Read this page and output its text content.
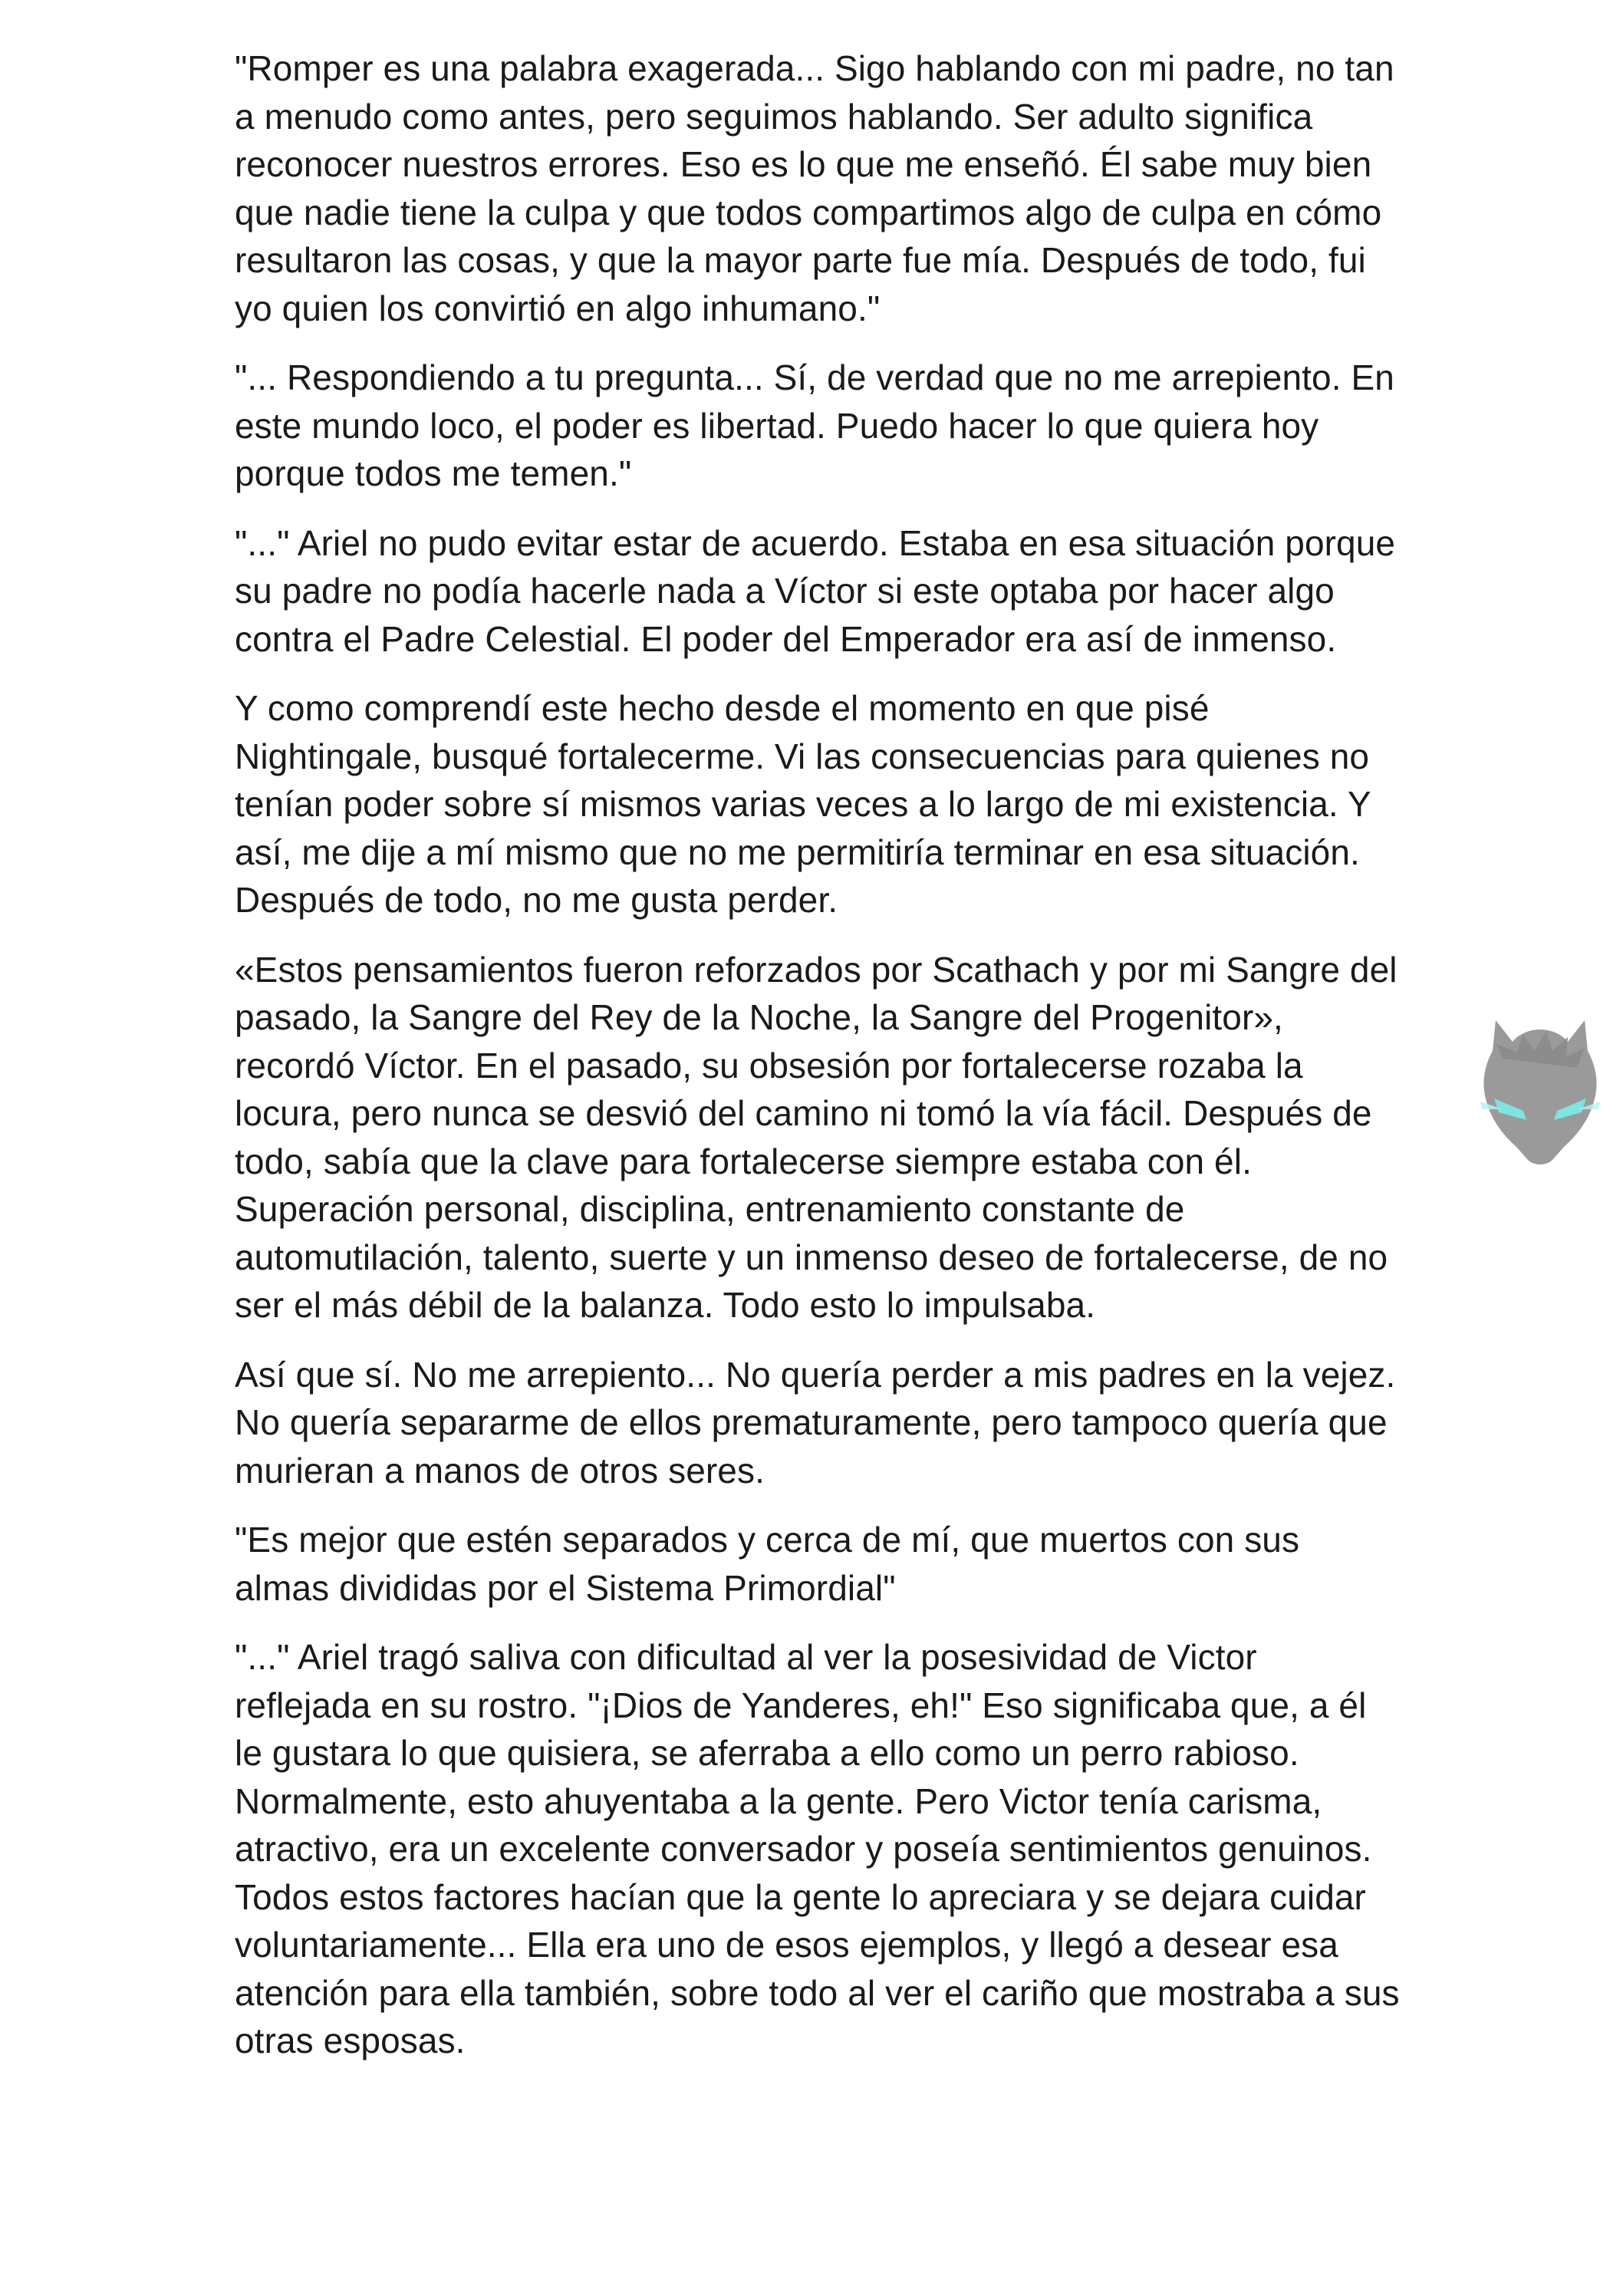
"Romper es una palabra exagerada... Sigo hablando con mi padre, no tan a menudo como antes, pero seguimos hablando. Ser adulto significa reconocer nuestros errores. Eso es lo que me enseñó. Él sabe muy bien que nadie tiene la culpa y que todos compartimos algo de culpa en cómo resultaron las cosas, y que la mayor parte fue mía. Después de todo, fui yo quien los convirtió en algo inhumano."

"... Respondiendo a tu pregunta... Sí, de verdad que no me arrepiento. En este mundo loco, el poder es libertad. Puedo hacer lo que quiera hoy porque todos me temen."

"..." Ariel no pudo evitar estar de acuerdo. Estaba en esa situación porque su padre no podía hacerle nada a Víctor si este optaba por hacer algo contra el Padre Celestial. El poder del Emperador era así de inmenso.

Y como comprendí este hecho desde el momento en que pisé Nightingale, busqué fortalecerme. Vi las consecuencias para quienes no tenían poder sobre sí mismos varias veces a lo largo de mi existencia. Y así, me dije a mí mismo que no me permitiría terminar en esa situación. Después de todo, no me gusta perder.

«Estos pensamientos fueron reforzados por Scathach y por mi Sangre del pasado, la Sangre del Rey de la Noche, la Sangre del Progenitor», recordó Víctor. En el pasado, su obsesión por fortalecerse rozaba la locura, pero nunca se desvió del camino ni tomó la vía fácil. Después de todo, sabía que la clave para fortalecerse siempre estaba con él. Superación personal, disciplina, entrenamiento constante de automutilación, talento, suerte y un inmenso deseo de fortalecerse, de no ser el más débil de la balanza. Todo esto lo impulsaba.

Así que sí. No me arrepiento... No quería perder a mis padres en la vejez. No quería separarme de ellos prematuramente, pero tampoco quería que murieran a manos de otros seres.

"Es mejor que estén separados y cerca de mí, que muertos con sus almas divididas por el Sistema Primordial"

"..." Ariel tragó saliva con dificultad al ver la posesividad de Victor reflejada en su rostro. "¡Dios de Yanderes, eh!" Eso significaba que, a él le gustara lo que quisiera, se aferraba a ello como un perro rabioso. Normalmente, esto ahuyentaba a la gente. Pero Victor tenía carisma, atractivo, era un excelente conversador y poseía sentimientos genuinos. Todos estos factores hacían que la gente lo apreciara y se dejara cuidar voluntariamente... Ella era uno de esos ejemplos, y llegó a desear esa atención para ella también, sobre todo al ver el cariño que mostraba a sus otras esposas.
